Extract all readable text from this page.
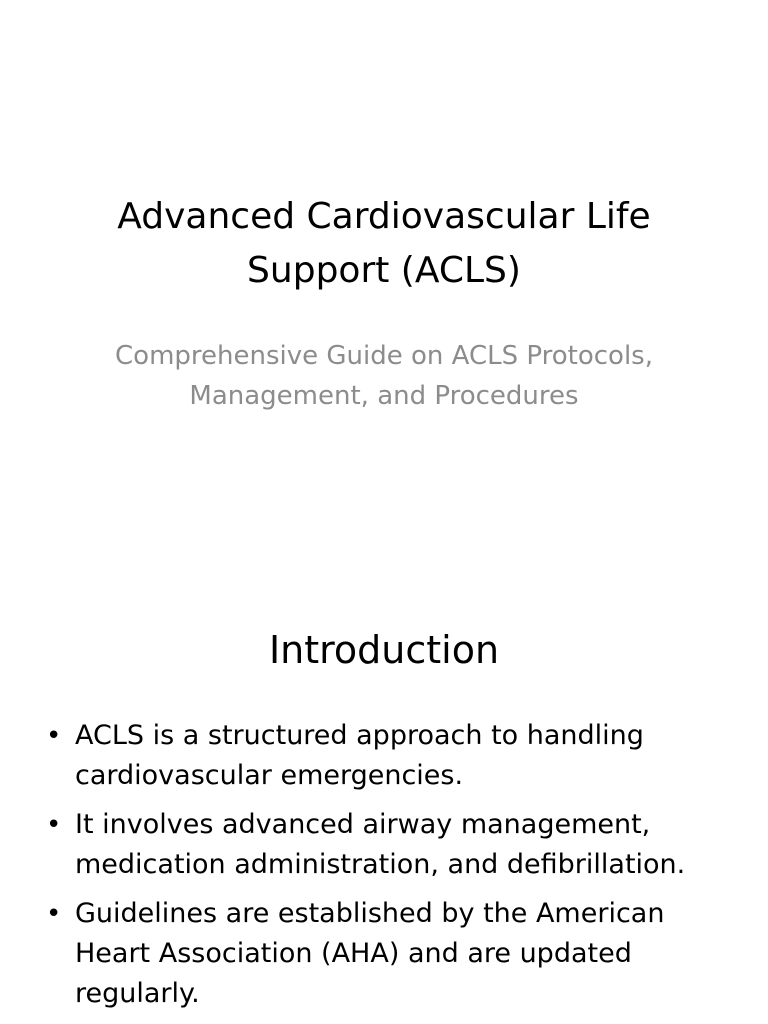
Advanced Cardiovascular Life Support (ACLS)

Comprehensive Guide on ACLS Protocols, Management, and Procedures

Introduction
• ACLS is a structured approach to handling cardiovascular emergencies.
• It involves advanced airway management, medication administration, and defibrillation.
• Guidelines are established by the American Heart Association (AHA) and are updated regularly.
